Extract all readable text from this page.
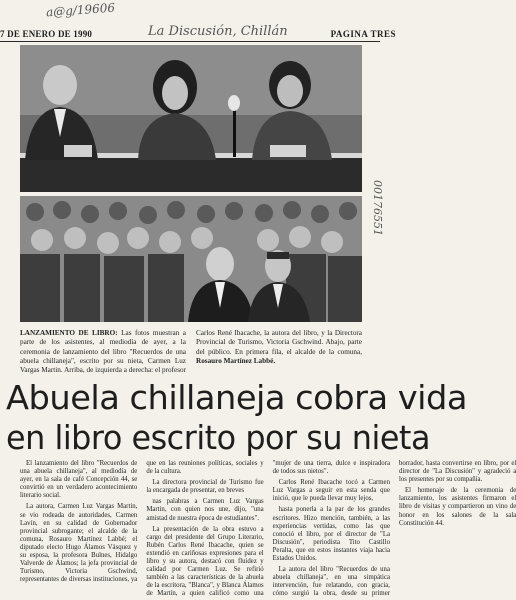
7 DE ENERO DE 1990	La Discusión, Chillán	PAGINA TRES
a@g/19606
00176551
LANZAMIENTO DE LIBRO: Las fotos muestran a parte de los asistentes, al mediodía de ayer, a la ceremonia de lanzamiento del libro "Recuerdos de una abuela chillaneja", escrito por su nieta, Carmen Luz Vargas Martin. Arriba, de izquierda a derecha: el profesor Carlos René Ibacache, la autora del libro, y la Directora Provincial de Turismo, Victoria Gschwind. Abajo, parte del público. En primera fila, el alcalde de la comuna, Rosauro Martínez Labbé.
Abuela chillaneja cobra vida
en libro escrito por su nieta

El lanzamiento del libro "Recuerdos de una abuela chillaneja", al mediodía de ayer, en la sala de café Concepción 44, se convirtió en un verdadero acontecimiento literario social.

La autora, Carmen Luz Vargas Martin, se vio rodeada de autoridades, Carmen Lavín, en su calidad de Gobernador provincial subrogante; el alcalde de la comuna, Rosauro Martínez Labbé; el diputado electo Hugo Álamos Vásquez y su esposa, la profesora Bulnes, Hidalgo Valverde de Álamos; la jefa provincial de Turismo, Victoria Gschwind, representantes de diversas instituciones, ya que en las reuniones políticas, sociales y de la cultura.

La directora provincial de Turismo fue la encargada de presentar, en breves

nas palabras a Carmen Luz Vargas Martin, con quien nos une, dijo, "una amistad de nuestra época de estudiantes".

La presentación de la obra estuvo a cargo del presidente del Grupo Literario, Rubén Carlos René Ibacache, quien se extendió en cariñosas expresiones para el libro y su autora, destacó con fluidez y calidad por Carmen Luz. Se refirió también a las características de la abuela de la escritora, "Blanca", y Blanca Álamos de Martín, a quien calificó como una "mujer de una tierra, dulce e inspiradora de todos sus nietos".

Carlos René Ibacache tocó a Carmen Luz Vargas a seguir en esta senda que inició, que le pueda llevar muy lejos,

hasta ponerla a la par de los grandes escritores. Hizo mención, también, a las experiencias vertidas, como las que conoció el libro, por el director de "La Discusión", periodista Tito Castillo Peralta, que en estos instantes viaja hacia Estados Unidos.

La autora del libro "Recuerdos de una abuela chillaneja", en una simpática intervención, fue relatando, con gracia, cómo surgió la obra, desde su primer borrador, hasta convertirse en libro, por el director de "La Discusión" y agradeció a los presentes por su compañía.

El homenaje de la ceremonia de lanzamiento, los asistentes firmaron el libro de visitas y compartieron un vino de honor en los salones de la sala Constitución 44.
